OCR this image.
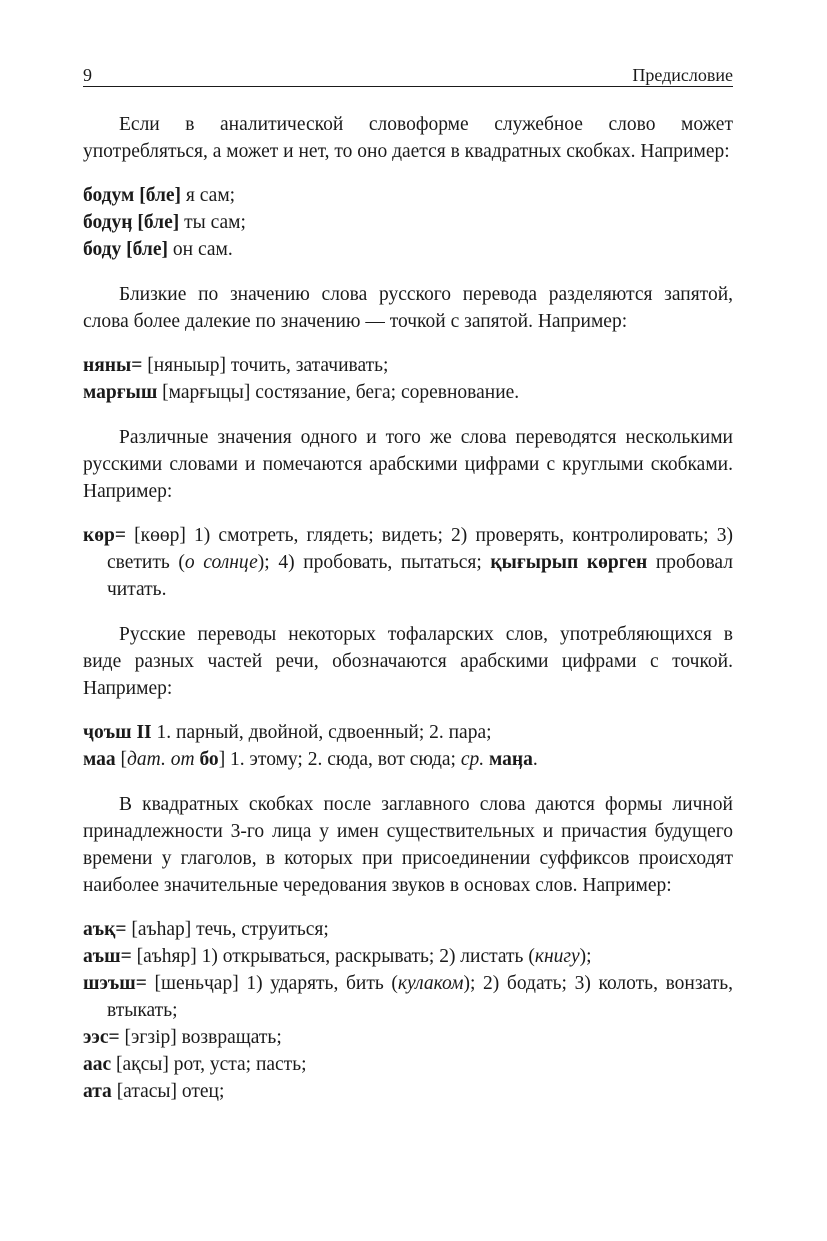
9	Предисловие

Если в аналитической словоформе служебное слово может употребляться, а может и нет, то оно дается в квадратных скобках. Например:

бодум [бле] я сам;

бодуӊ [бле] ты сам;

боду [бле] он сам.

Близкие по значению слова русского перевода разделяются запятой, слова более далекие по значению — точкой с запятой. Например:

няны= [няныыр] точить, затачивать;

марғыш [марғыцы] состязание, бега; соревнование.

Различные значения одного и того же слова переводятся несколькими русскими словами и помечаются арабскими цифрами с круглыми скобками. Например:

көр= [көөр] 1) смотреть, глядеть; видеть; 2) проверять, контролировать; 3) светить (о солнце); 4) пробовать, пытаться; қығырып көрген пробовал читать.

Русские переводы некоторых тофаларских слов, употребляющихся в виде разных частей речи, обозначаются арабскими цифрами с точкой. Например:

ҷоъш II 1. парный, двойной, сдвоенный; 2. пара;

маа [дат. от бо] 1. этому; 2. сюда, вот сюда; ср. маӊа.

В квадратных скобках после заглавного слова даются формы личной принадлежности 3-го лица у имен существительных и причастия будущего времени у глаголов, в которых при присоединении суффиксов происходят наиболее значительные чередования звуков в основах слов. Например:

аъқ= [аъһар] течь, струиться;

аъш= [аъһяр] 1) открываться, раскрывать; 2) листать (книгу);

шэъш= [шеньҷар] 1) ударять, бить (кулаком); 2) бодать; 3) колоть, вонзать, втыкать;

ээс= [эгзір] возвращать;

аас [ақсы] рот, уста; пасть;

ата [атасы] отец;
